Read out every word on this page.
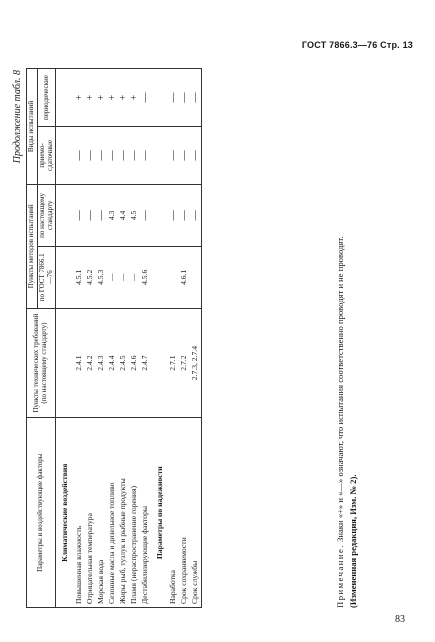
ГОСТ 7866.3—76 Стр. 13
Продолжение табл. 8
Параметры и воздействующие факторы	Пункты технических требований (по настоящему стандарту)	Пункты методов испытаний		Виды испытаний	
		по ГОСТ 7866.1—76	по настоящему стандарту	приемо-сдаточные	периодические
Климатические воздействия					
Повышенная влажность	2.4.1	4.5.1	—	—	+
Отрицательная температура	2.4.2	4.5.2	—	—	+
Морская вода	2.4.3	4.5.3	—	—	+
Сезонные масла и дизельное топливо	2.4.4	—	4.3	—	+
Жиры рыб, тузлук и рыбные продукты	2.4.5	—	4.4	—	+
Пламя (нераспространение горения)	2.4.6	—	4.5	—	+
Дестабилизирующие факторы	2.4.7	4.5.6	—	—	—
Параметры по надежности					
Наработка	2.7.1		—	—	—
Срок сохраняемости	2.7.2	4.6.1	—	—	—
Срок службы	2.7.3, 2.7.4		—	—	—
Примечание. Знаки «+» и «—» означают, что испытания соответственно проводят и не проводят. (Измененная редакция, Изм. № 2).
83
